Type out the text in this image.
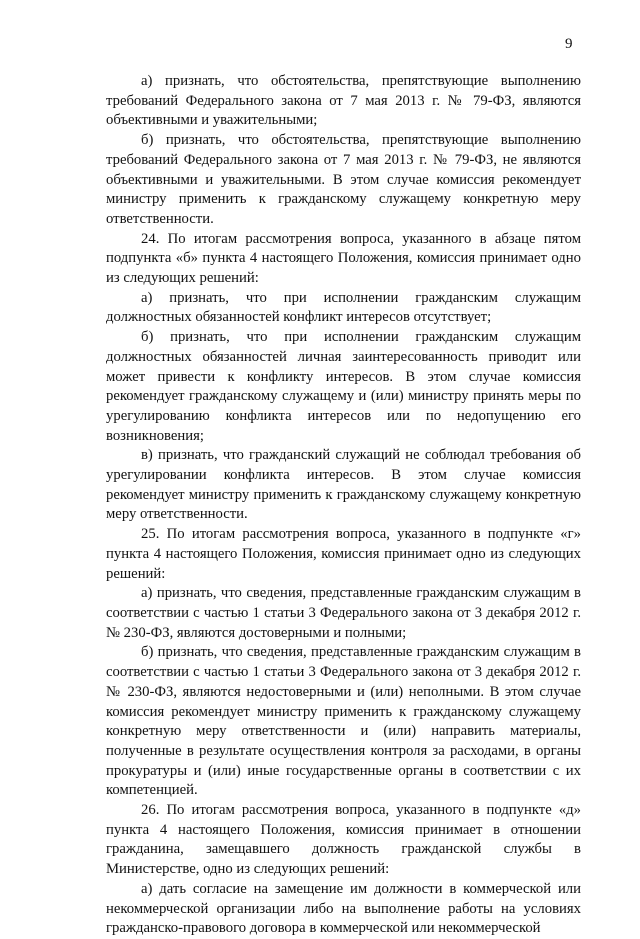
9

а) признать, что обстоятельства, препятствующие выполнению требований Федерального закона от 7 мая 2013 г. № 79-ФЗ, являются объективными и уважительными;

б) признать, что обстоятельства, препятствующие выполнению требований Федерального закона от 7 мая 2013 г. № 79-ФЗ, не являются объективными и уважительными. В этом случае комиссия рекомендует министру применить к гражданскому служащему конкретную меру ответственности.

24. По итогам рассмотрения вопроса, указанного в абзаце пятом подпункта «б» пункта 4 настоящего Положения, комиссия принимает одно из следующих решений:

а) признать, что при исполнении гражданским служащим должностных обязанностей конфликт интересов отсутствует;

б) признать, что при исполнении гражданским служащим должностных обязанностей личная заинтересованность приводит или может привести к конфликту интересов. В этом случае комиссия рекомендует гражданскому служащему и (или) министру принять меры по урегулированию конфликта интересов или по недопущению его возникновения;

в) признать, что гражданский служащий не соблюдал требования об урегулировании конфликта интересов. В этом случае комиссия рекомендует министру применить к гражданскому служащему конкретную меру ответственности.

25. По итогам рассмотрения вопроса, указанного в подпункте «г» пункта 4 настоящего Положения, комиссия принимает одно из следующих решений:

а) признать, что сведения, представленные гражданским служащим в соответствии с частью 1 статьи 3 Федерального закона от 3 декабря 2012 г. № 230-ФЗ, являются достоверными и полными;

б) признать, что сведения, представленные гражданским служащим в соответствии с частью 1 статьи 3 Федерального закона от 3 декабря 2012 г. № 230-ФЗ, являются недостоверными и (или) неполными. В этом случае комиссия рекомендует министру применить к гражданскому служащему конкретную меру ответственности и (или) направить материалы, полученные в результате осуществления контроля за расходами, в органы прокуратуры и (или) иные государственные органы в соответствии с их компетенцией.

26. По итогам рассмотрения вопроса, указанного в подпункте «д» пункта 4 настоящего Положения, комиссия принимает в отношении гражданина, замещавшего должность гражданской службы в Министерстве, одно из следующих решений:

а) дать согласие на замещение им должности в коммерческой или некоммерческой организации либо на выполнение работы на условиях гражданско-правового договора в коммерческой или некоммерческой
